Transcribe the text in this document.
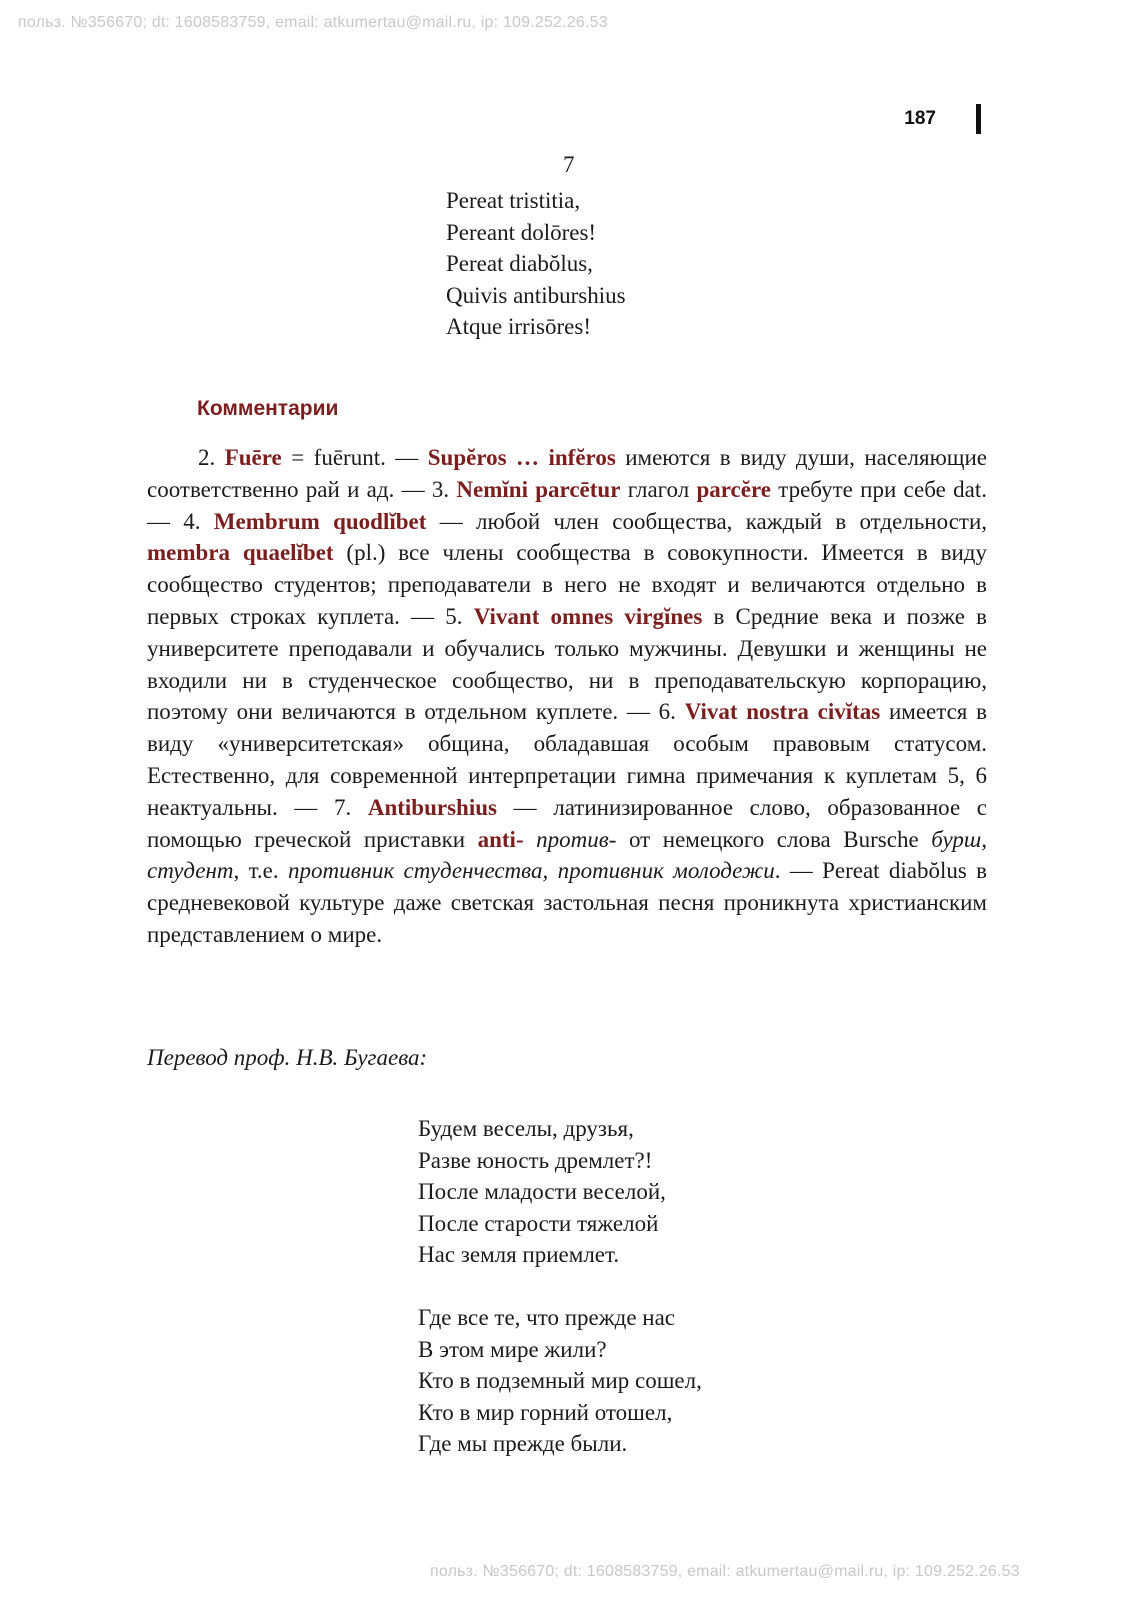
польз. №356670; dt: 1608583759, email: atkumertau@mail.ru, ip: 109.252.26.53
187
7
Pereat tristitia,
Pereant dolōres!
Pereat diabŏlus,
Quivis antiburshius
Atque irrisōres!
Комментарии

2. Fuēre = fuērunt. — Supĕros … infĕros имеются в виду души, населяющие соответственно рай и ад. — 3. Nemĭni parcētur глагол parcĕre требуте при себе dat. — 4. Membrum quodlĭbet — любой член сообщества, каждый в отдельности, membra quaelĭbet (pl.) все члены сообщества в совокупности. Имеется в виду сообщество студентов; преподаватели в него не входят и величаются отдельно в первых строках куплета. — 5. Vivant omnes virgĭnes в Средние века и позже в университете преподавали и обучались только мужчины. Девушки и женщины не входили ни в студенческое сообщество, ни в преподавательскую корпорацию, поэтому они величаются в отдельном куплете. — 6. Vivat nostra civĭtas имеется в виду «университетская» община, обладавшая особым правовым статусом. Естественно, для современной интерпретации гимна примечания к куплетам 5, 6 неактуальны. — 7. Antiburshius — латинизированное слово, образованное с помощью греческой приставки anti- против- от немецкого слова Bursche бурш, студент, т.е. противник студенчества, противник молодежи. — Pereat diabŏlus в средневековой культуре даже светская застольная песня проникнута христианским представлением о мире.

Перевод проф. Н.В. Бугаева:
Будем веселы, друзья,
Разве юность дремлет?!
После младости веселой,
После старости тяжелой
Нас земля приемлет.
Где все те, что прежде нас
В этом мире жили?
Кто в подземный мир сошел,
Кто в мир горний отошел,
Где мы прежде были.
польз. №356670; dt: 1608583759, email: atkumertau@mail.ru, ip: 109.252.26.53
